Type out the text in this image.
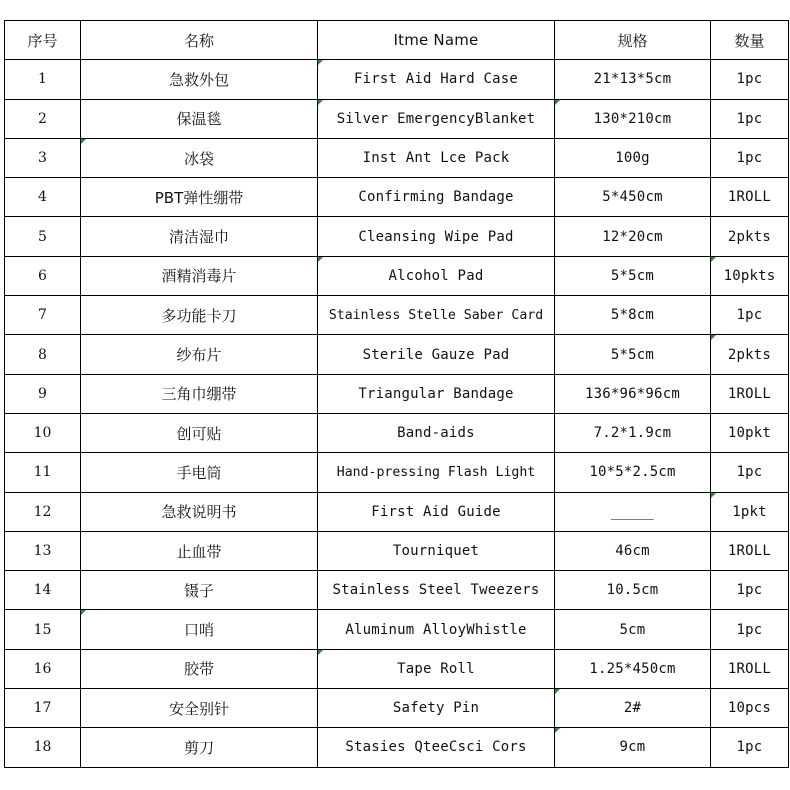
序号	名称	Itme Name	规格	数量
1	急救外包	First Aid Hard Case	21*13*5cm	1pc
2	保温毯	Silver EmergencyBlanket	130*210cm	1pc
3	冰袋	Inst Ant Lce Pack	100g	1pc
4	PBT弹性绷带	Confirming Bandage	5*450cm	1ROLL
5	清洁湿巾	Cleansing Wipe Pad	12*20cm	2pkts
6	酒精消毒片	Alcohol Pad	5*5cm	10pkts
7	多功能卡刀	Stainless Stelle Saber Card	5*8cm	1pc
8	纱布片	Sterile Gauze Pad	5*5cm	2pkts
9	三角巾绷带	Triangular Bandage	136*96*96cm	1ROLL
10	创可贴	Band-aids	7.2*1.9cm	10pkt
11	手电筒	Hand-pressing Flash Light	10*5*2.5cm	1pc
12	急救说明书	First Aid Guide	_____	1pkt
13	止血带	Tourniquet	46cm	1ROLL
14	镊子	Stainless Steel Tweezers	10.5cm	1pc
15	口哨	Aluminum AlloyWhistle	5cm	1pc
16	胶带	Tape Roll	1.25*450cm	1ROLL
17	安全别针	Safety Pin	2#	10pcs
18	剪刀	Stasies QteeCsci Cors	9cm	1pc
